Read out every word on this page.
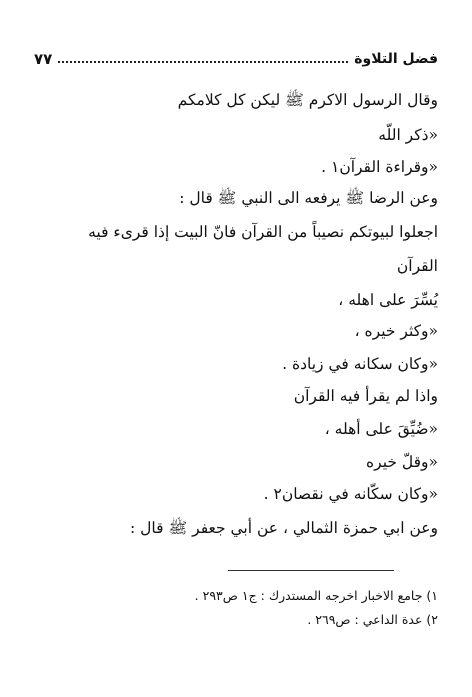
فضل التلاوة
٧٧
وقال الرسول الاكرم ﷺ ليكن كل كلامكم
«ذكر اللّه
«وقراءة القرآن١ .
وعن الرضا ﷺ يرفعه الى النبي ﷺ قال :
اجعلوا لبيوتكم نصيباً من القرآن فانّ البيت إذا قرىء فيه
القرآن
يُسِّرَ على اهله ،
«وكثر خيره ،
«وكان سكانه في زيادة .
واذا لم يقرأ فيه القرآن
«ضُيِّقَ على أهله ،
«وقلّ خيره
«وكان سكّانه في نقصان٢ .
وعن ابي حمزة الثمالي ، عن أبي جعفر ﷺ قال :
١) جامع الاخبار اخرجه المستدرك : ج١ ص٢٩٣ .
٢) عدة الداعي : ص٢٦٩ .
